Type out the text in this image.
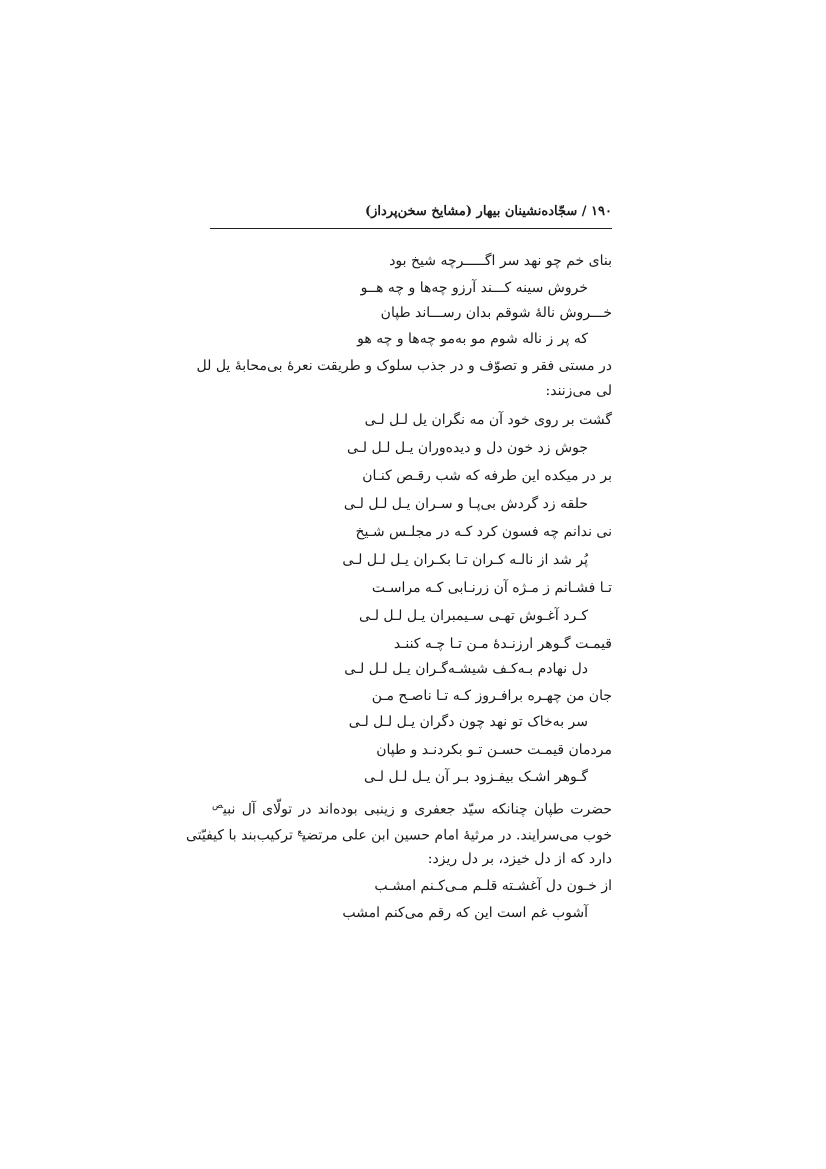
۱۹۰ / سجّاده‌نشینان بیهار (مشایخ سخن‌پرداز)
بنای خم چو نهد سر اگـــــرچه شیخ بود
خروش سینه کـــند آرزو چه‌ها و چه هــو
خـــروش نالۀ شوقم بدان رســـاند طپان
که پر ز ناله شوم مو به‌مو چه‌ها و چه هو
در مستی فقر و تصوّف و در جذب سلوک و طریقت نعرۀ بی‌محابۀ یل لل
لی می‌زنند:
گشت بر روی خود آن مه نگران یل لـل لـی
جوش زد خون دل و دیده‌وران یـل لـل لـی
بر در میکده این طرفه که شب رقـص کنـان
حلقه زد گردش بی‌پـا و سـران یـل لـل لـی
نی ندانم چه فسون کرد کـه در مجلـس شـیخ
پُر شد از نالـه کـران تـا بکـران یـل لـل لـی
تـا فشـانم ز مـژه آن زرنـابی کـه مراسـت
کـرد آغـوش تهـی سـیمبران یـل لـل لـی
قیمـت گـوهر ارزنـدۀ مـن تـا چـه کننـد
دل نهادم بـه‌کـف شیشـه‌گـران یـل لـل لـی
جان من چهـره برافـروز کـه تـا ناصـح مـن
سر به‌خاک تو نهد چون دگران یـل لـل لـی
مردمان قیمـت حسـن تـو بکردنـد و طپان
گـوهر اشـک بیفـزود بـر آن یـل لـل لـی
حضرت طپان چنانکه سیّد جعفری و زینبی بوده‌اند در تولّای آل نبی$^ص$
خوب می‌سرایند. در مرثیۀ امام حسین ابن علی مرتضی$^ع$ ترکیب‌بند با کیفیّتی
دارد که از دل خیزد، بر دل ریزد:
از خـون دل آغشـته قلـم مـی‌کـنم امشـب
آشوب غم است این که رقم می‌کنم امشب
